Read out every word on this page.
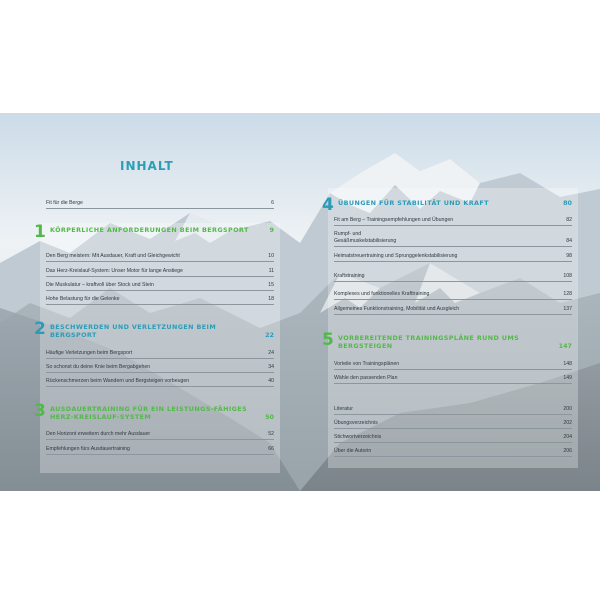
INHALT
Fit für die Berge	6
1 KÖRPERLICHE ANFORDERUNGEN BEIM BERGSPORT	9
Den Berg meistern: Mit Ausdauer, Kraft und Gleichgewicht	10
Das Herz-Kreislauf-System: Unser Motor für lange Anstiege	11
Die Muskulatur – kraftvoll über Stock und Stein	15
Hohe Belastung für die Gelenke	18
2 BESCHWERDEN UND VERLETZUNGEN BEIM BERGSPORT	22
Häufige Verletzungen beim Bergsport	24
So schonst du deine Knie beim Bergabgehen	34
Rückenschmerzen beim Wandern und Bergsteigen vorbeugen	40
3 AUSDAUERTRAINING FÜR EIN LEISTUNGS-FÄHIGES HERZ-KREISLAUF-SYSTEM	50
Den Horizont erweitern durch mehr Ausdauer	52
Empfehlungen fürs Ausdauertraining	66
4 ÜBUNGEN FÜR STABILITÄT UND KRAFT	80
Fit am Berg – Trainingsempfehlungen und Übungen	82
Rumpf- und Gesäßmuskelstabilisierung	84
Heimatstreuertraining und Sprunggelenkstabilisierung	98
Kraftstraining	108
Komplexes und funktionelles Krafttraining	128
Allgemeines Funktionstraining, Mobilität und Ausgleich	137
5 VORBEREITENDE TRAININGSPLÄNE RUND UMS BERGSTEIGEN	147
Vorteile von Trainingsplänen	148
Wähle den passenden Plan	149
Literatur	200
Übungsverzeichnis	202
Stichwortverzeichnis	204
Über die Autorin	206
